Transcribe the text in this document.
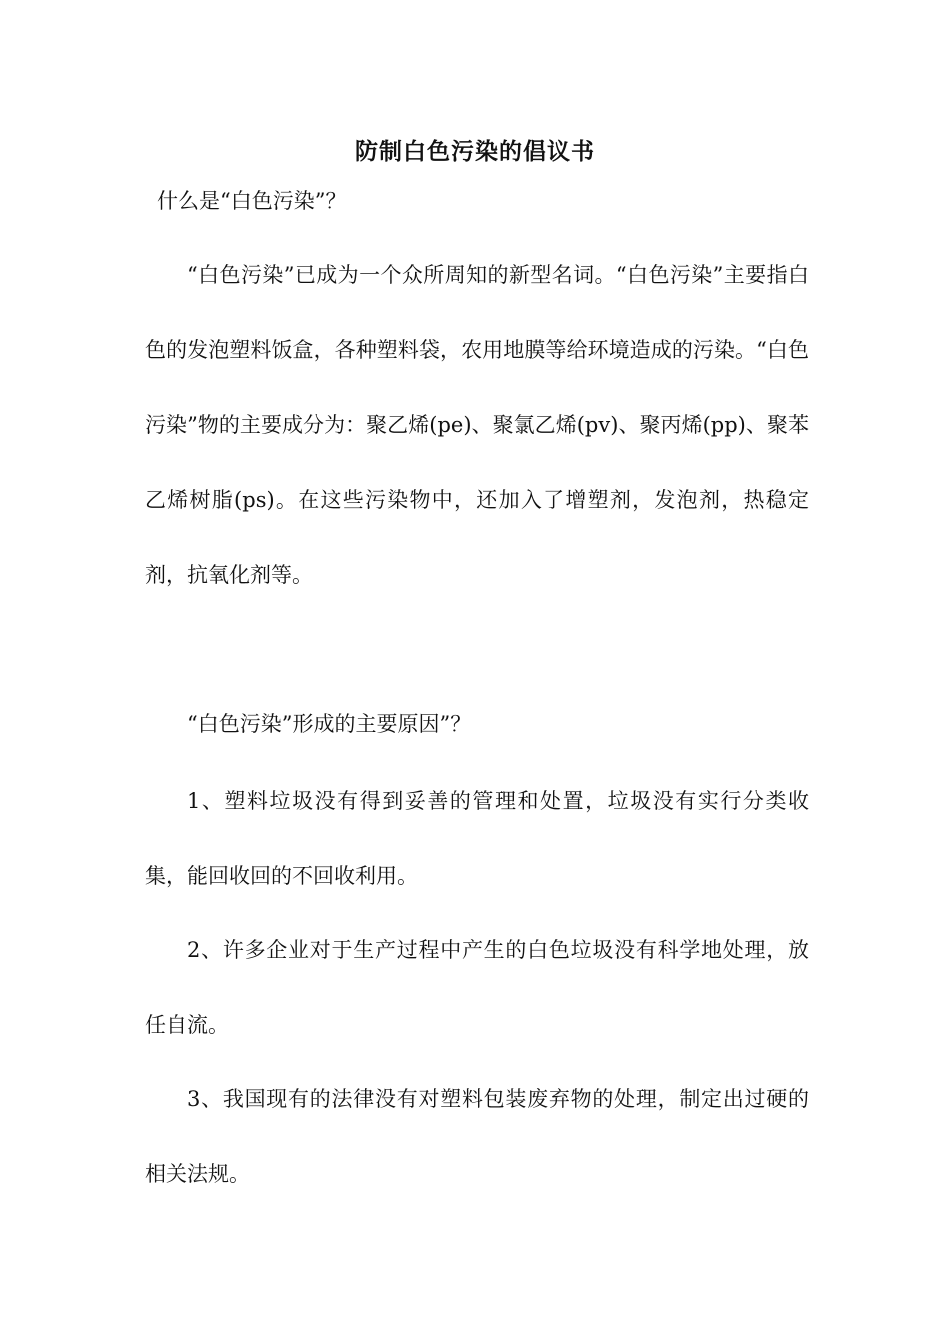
防制白色污染的倡议书
什么是“白色污染”？

“白色污染”已成为一个众所周知的新型名词。“白色污染”主要指白色的发泡塑料饭盒，各种塑料袋，农用地膜等给环境造成的污染。“白色污染”物的主要成分为：聚乙烯(pe)、聚氯乙烯(pv)、聚丙烯(pp)、聚苯乙烯树脂(ps)。在这些污染物中，还加入了增塑剂，发泡剂，热稳定剂，抗氧化剂等。

“白色污染”形成的主要原因”？

1、塑料垃圾没有得到妥善的管理和处置，垃圾没有实行分类收集，能回收回的不回收利用。

2、许多企业对于生产过程中产生的白色垃圾没有科学地处理，放任自流。

3、我国现有的法律没有对塑料包装废弃物的处理，制定出过硬的相关法规。
